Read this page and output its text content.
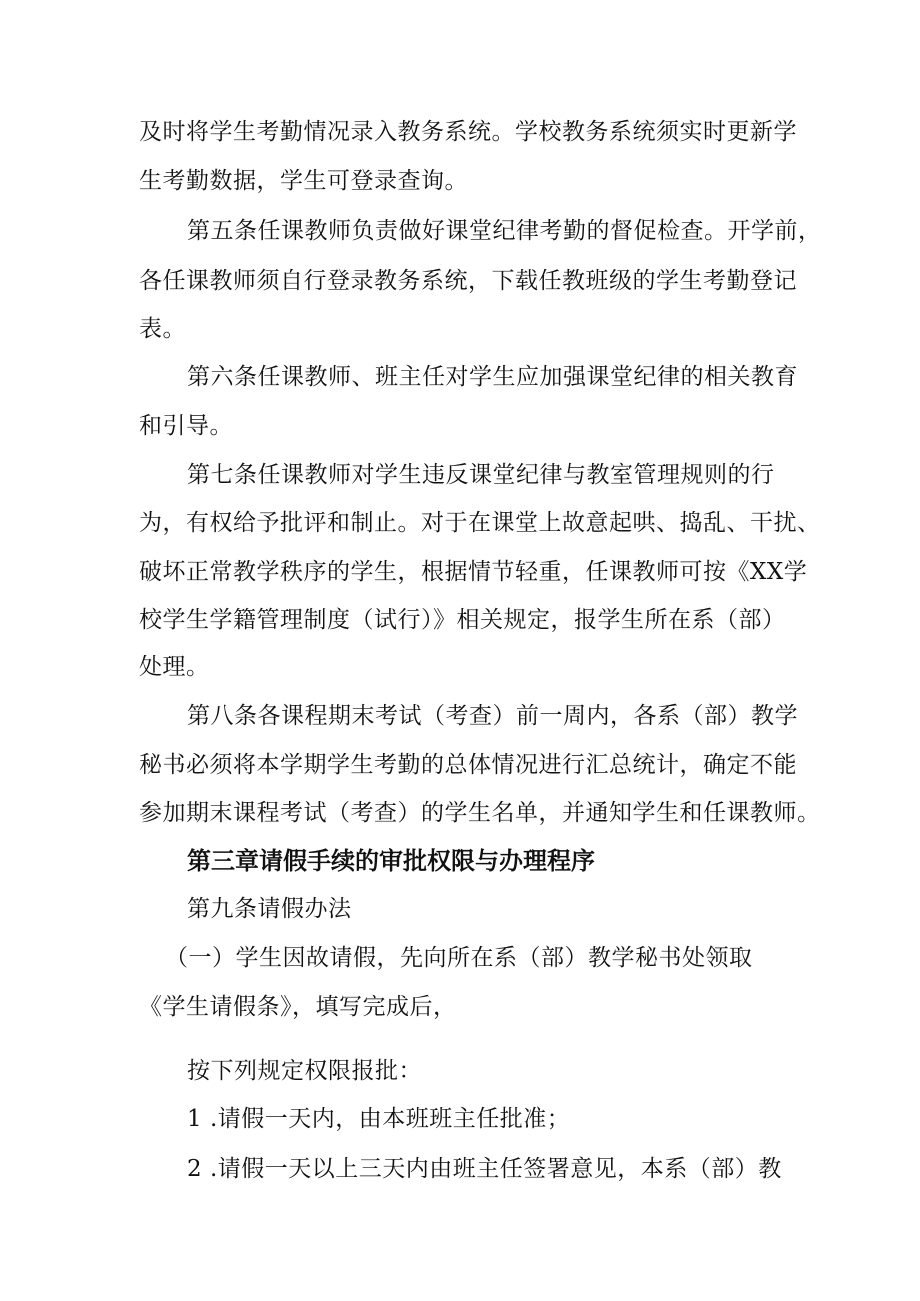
及时将学生考勤情况录入教务系统。学校教务系统须实时更新学
生考勤数据，学生可登录查询。
第五条任课教师负责做好课堂纪律考勤的督促检查。开学前，
各任课教师须自行登录教务系统，下载任教班级的学生考勤登记
表。
第六条任课教师、班主任对学生应加强课堂纪律的相关教育
和引导。
第七条任课教师对学生违反课堂纪律与教室管理规则的行
为，有权给予批评和制止。对于在课堂上故意起哄、捣乱、干扰、
破坏正常教学秩序的学生，根据情节轻重，任课教师可按《XX学
校学生学籍管理制度（试行）》相关规定，报学生所在系（部）
处理。
第八条各课程期末考试（考查）前一周内，各系（部）教学
秘书必须将本学期学生考勤的总体情况进行汇总统计，确定不能
参加期末课程考试（考查）的学生名单，并通知学生和任课教师。
第三章请假手续的审批权限与办理程序
第九条请假办法
（一）学生因故请假，先向所在系（部）教学秘书处领取
《学生请假条》，填写完成后，
按下列规定权限报批：
1 .请假一天内，由本班班主任批准；
2 .请假一天以上三天内由班主任签署意见，本系（部）教
